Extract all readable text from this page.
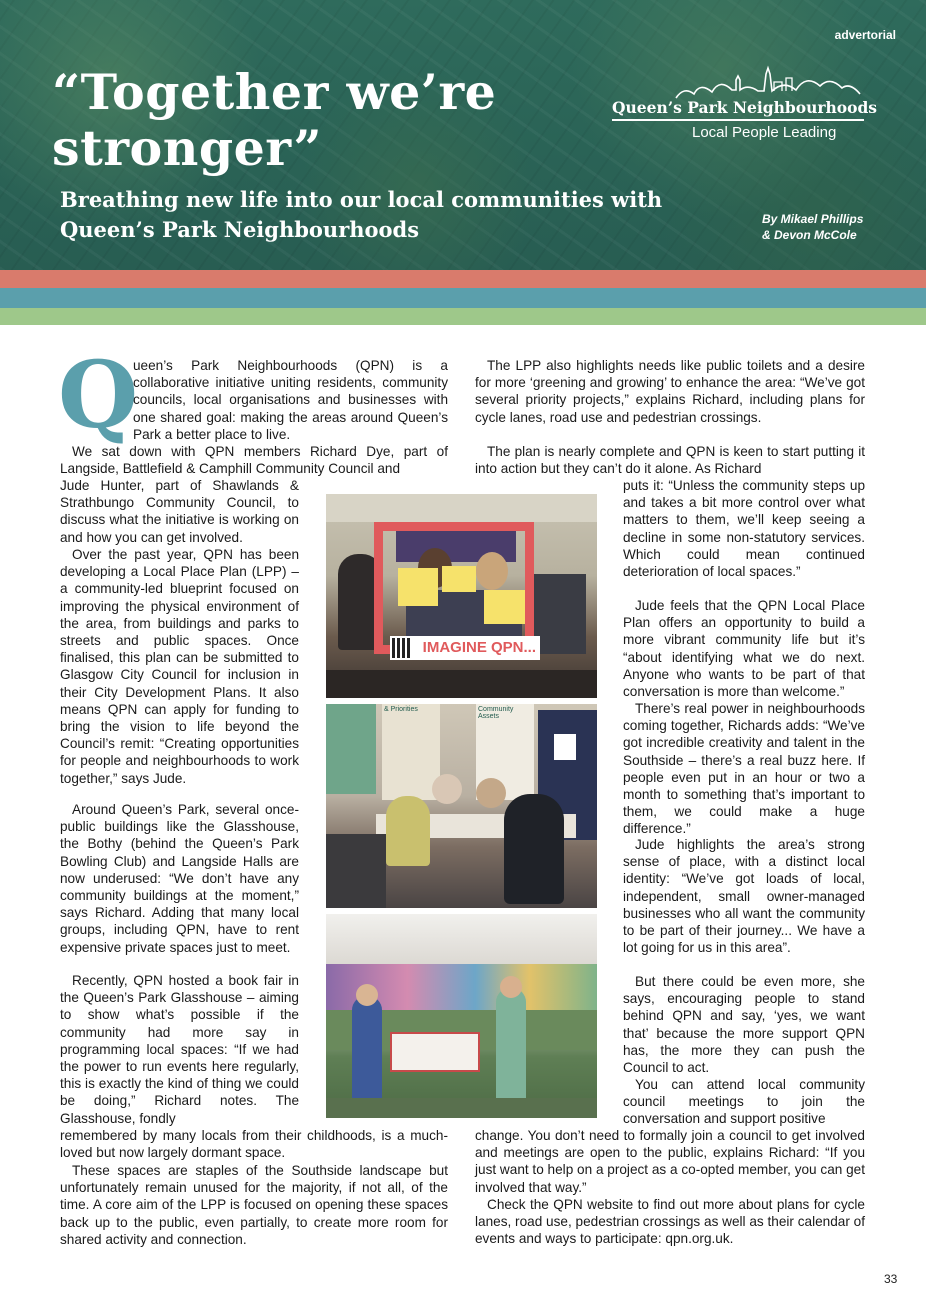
advertorial
“Together we’re stronger”
Breathing new life into our local communities with Queen’s Park Neighbourhoods	By Mikael Phillips & Devon McCole
Queen’s Park Neighbourhoods
Local People Leading
Q

ueen’s Park Neighbourhoods (QPN) is a collaborative initiative uniting residents, community councils, local organisations and businesses with one shared goal: making the areas around Queen’s Park a better place to live.

We sat down with QPN members Richard Dye, part of Langside, Battlefield & Camphill Community Council and

Jude Hunter, part of Shawlands & Strathbungo Community Council, to discuss what the initiative is working on and how you can get involved.

Over the past year, QPN has been developing a Local Place Plan (LPP) – a community-led blueprint focused on improving the physical environment of the area, from buildings and parks to streets and public spaces. Once finalised, this plan can be submitted to Glasgow City Council for inclusion in their City Development Plans. It also means QPN can apply for funding to bring the vision to life beyond the Council’s remit: “Creating opportunities for people and neighbourhoods to work together,” says Jude.

Around Queen’s Park, several once-public buildings like the Glasshouse, the Bothy (behind the Queen’s Park Bowling Club) and Langside Halls are now underused: “We don’t have any community buildings at the moment,” says Richard. Adding that many local groups, including QPN, have to rent expensive private spaces just to meet.

Recently, QPN hosted a book fair in the Queen’s Park Glasshouse – aiming to show what’s possible if the community had more say in programming local spaces: “If we had the power to run events here regularly, this is exactly the kind of thing we could be doing,” Richard notes. The Glasshouse, fondly

remembered by many locals from their childhoods, is a much-loved but now largely dormant space.

These spaces are staples of the Southside landscape but unfortunately remain unused for the majority, if not all, of the time. A core aim of the LPP is focused on opening these spaces back up to the public, even partially, to create more room for shared activity and connection.

IMAGINE QPN...
& Priorities	Community Assets

The LPP also highlights needs like public toilets and a desire for more ‘greening and growing’ to enhance the area: “We’ve got several priority projects,” explains Richard, including plans for cycle lanes, road use and pedestrian crossings.

The plan is nearly complete and QPN is keen to start putting it into action but they can’t do it alone. As Richard

puts it: “Unless the community steps up and takes a bit more control over what matters to them, we’ll keep seeing a decline in some non-statutory services. Which could mean continued deterioration of local spaces.”

Jude feels that the QPN Local Place Plan offers an opportunity to build a more vibrant community life but it’s “about identifying what we do next. Anyone who wants to be part of that conversation is more than welcome.”

There’s real power in neighbourhoods coming together, Richards adds: “We’ve got incredible creativity and talent in the Southside – there’s a real buzz here. If people even put in an hour or two a month to something that’s important to them, we could make a huge difference.”

Jude highlights the area’s strong sense of place, with a distinct local identity: “We’ve got loads of local, independent, small owner-managed businesses who all want the community to be part of their journey... We have a lot going for us in this area”.

But there could be even more, she says, encouraging people to stand behind QPN and say, ‘yes, we want that’ because the more support QPN has, the more they can push the Council to act.

You can attend local community council meetings to join the conversation and support positive

change. You don’t need to formally join a council to get involved and meetings are open to the public, explains Richard: “If you just want to help on a project as a co-opted member, you can get involved that way.”

Check the QPN website to find out more about plans for cycle lanes, road use, pedestrian crossings as well as their calendar of events and ways to participate: qpn.org.uk.

33
